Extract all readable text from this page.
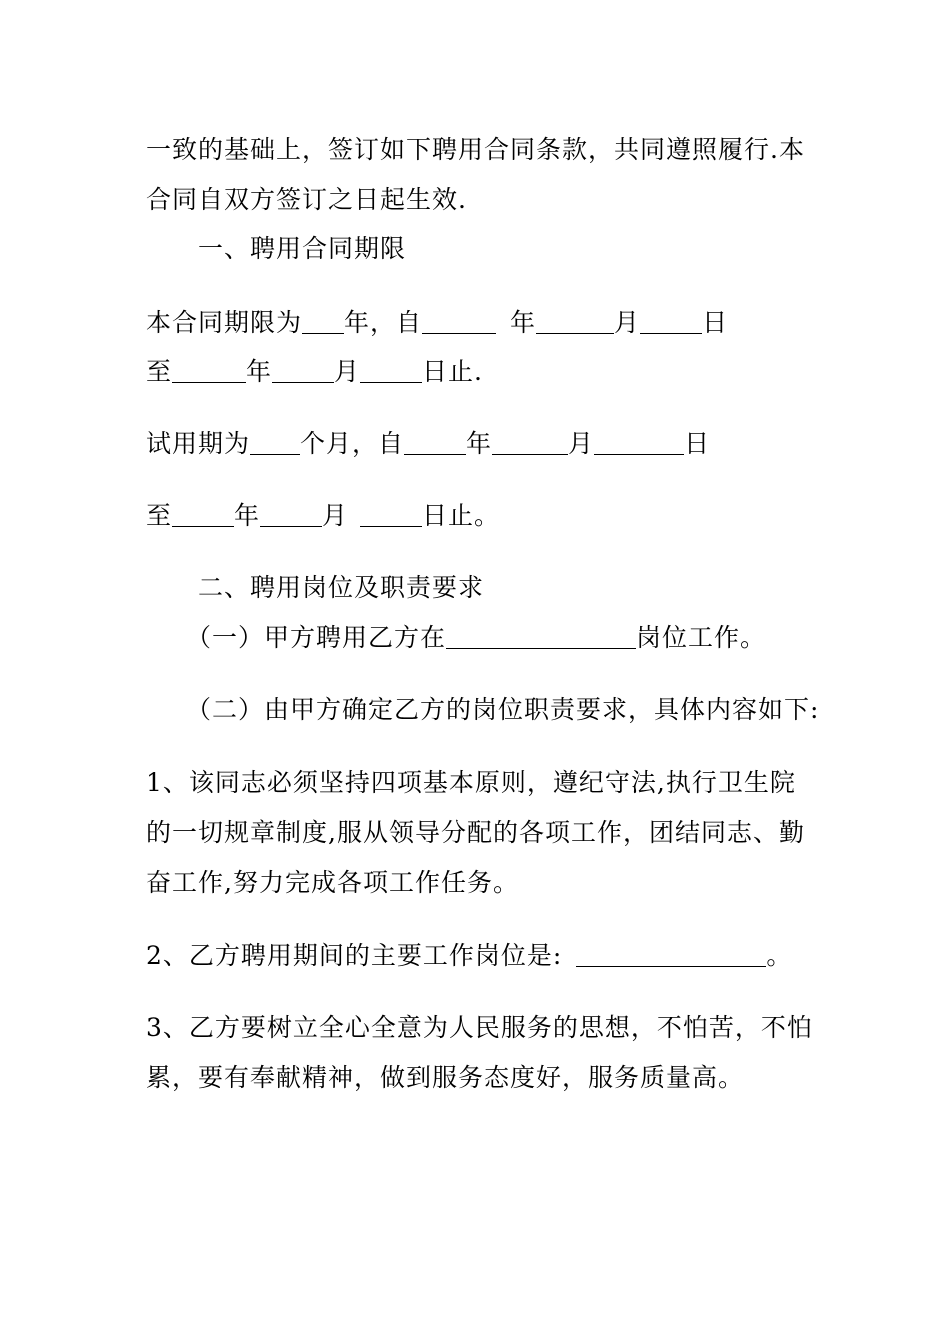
一致的基础上，签订如下聘用合同条款，共同遵照履行.本
合同自双方签订之日起生效.
一、聘用合同期限
本合同期限为 年，自	年	月 日
至	年 月 日止.
试用期为 个月，自 年	月	日
至 年 月	日止。
二、聘用岗位及职责要求
（一）甲方聘用乙方在	岗位工作。
（二）由甲方确定乙方的岗位职责要求，具体内容如下:
1、该同志必须坚持四项基本原则，遵纪守法,执行卫生院
的一切规章制度,服从领导分配的各项工作，团结同志、勤
奋工作,努力完成各项工作任务。
2、乙方聘用期间的主要工作岗位是:	。
3、乙方要树立全心全意为人民服务的思想，不怕苦，不怕
累，要有奉献精神，做到服务态度好，服务质量高。
